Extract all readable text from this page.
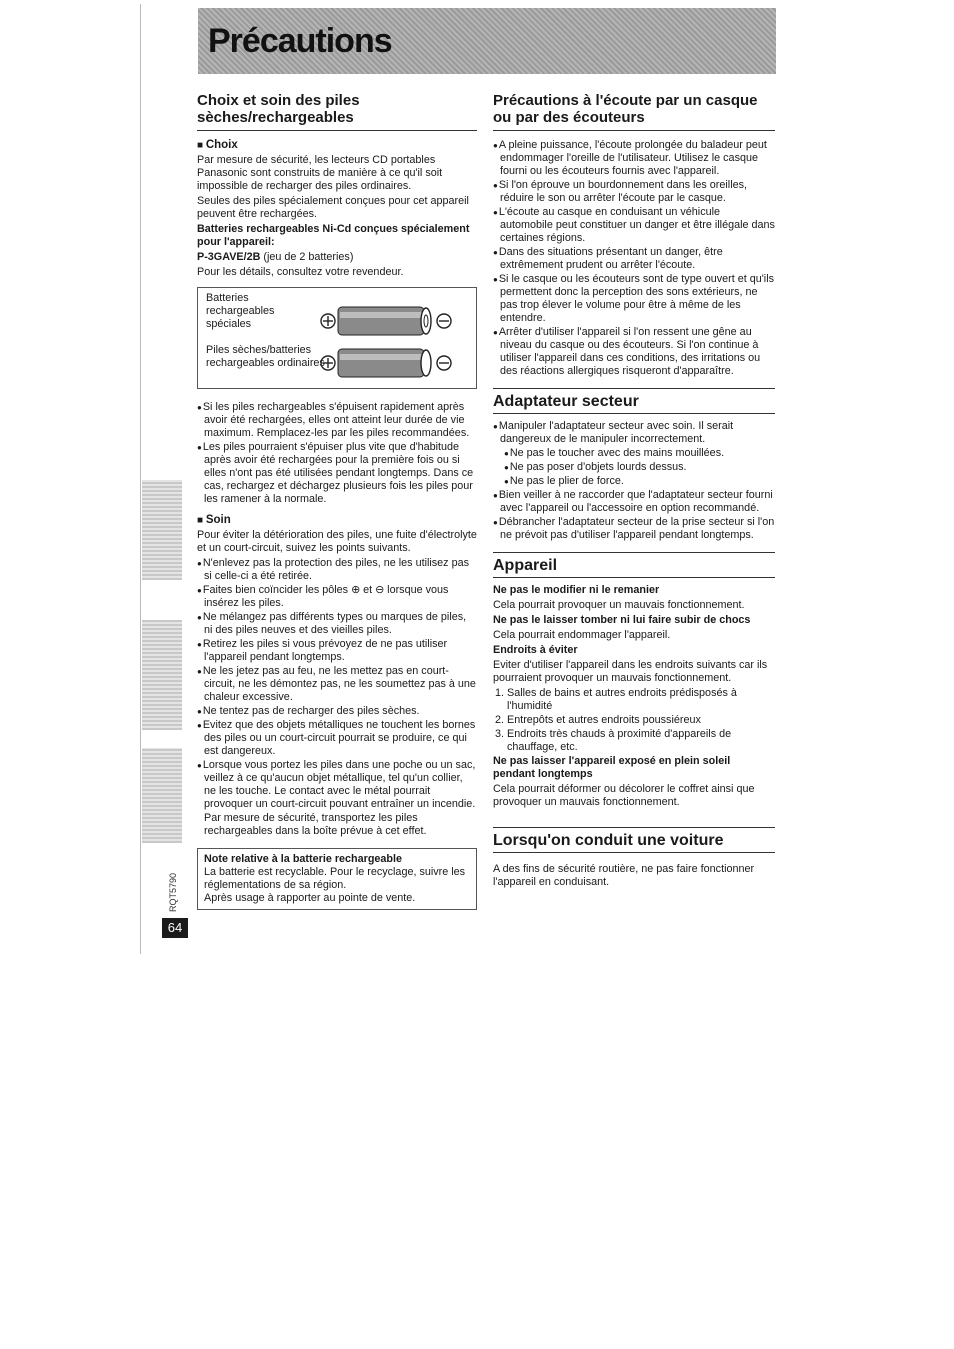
Précautions
Choix et soin des piles sèches/rechargeables
■ Choix

Par mesure de sécurité, les lecteurs CD portables Panasonic sont construits de manière à ce qu'il soit impossible de recharger des piles ordinaires.

Seules des piles spécialement conçues pour cet appareil peuvent être rechargées.

Batteries rechargeables Ni-Cd conçues spécialement pour l'appareil:

P-3GAVE/2B (jeu de 2 batteries)

Pour les détails, consultez votre revendeur.

Batteries rechargeables spéciales
Piles sèches/batteries rechargeables ordinaires
● Si les piles rechargeables s'épuisent rapidement après avoir été rechargées, elles ont atteint leur durée de vie maximum. Remplacez-les par les piles recommandées.
● Les piles pourraient s'épuiser plus vite que d'habitude après avoir été rechargées pour la première fois ou si elles n'ont pas été utilisées pendant longtemps. Dans ce cas, rechargez et déchargez plusieurs fois les piles pour les ramener à la normale.
■ Soin

Pour éviter la détérioration des piles, une fuite d'électrolyte et un court-circuit, suivez les points suivants.

● N'enlevez pas la protection des piles, ne les utilisez pas si celle-ci a été retirée.
● Faites bien coïncider les pôles ⊕ et ⊖ lorsque vous insérez les piles.
● Ne mélangez pas différents types ou marques de piles, ni des piles neuves et des vieilles piles.
● Retirez les piles si vous prévoyez de ne pas utiliser l'appareil pendant longtemps.
● Ne les jetez pas au feu, ne les mettez pas en court-circuit, ne les démontez pas, ne les soumettez pas à une chaleur excessive.
● Ne tentez pas de recharger des piles sèches.
● Evitez que des objets métalliques ne touchent les bornes des piles ou un court-circuit pourrait se produire, ce qui est dangereux.
● Lorsque vous portez les piles dans une poche ou un sac, veillez à ce qu'aucun objet métallique, tel qu'un collier, ne les touche. Le contact avec le métal pourrait provoquer un court-circuit pouvant entraîner un incendie.

Par mesure de sécurité, transportez les piles rechargeables dans la boîte prévue à cet effet.

Note relative à la batterie rechargeable
La batterie est recyclable. Pour le recyclage, suivre les réglementations de sa région.
Après usage à rapporter au pointe de vente.
Précautions à l'écoute par un casque ou par des écouteurs
● A pleine puissance, l'écoute prolongée du baladeur peut endommager l'oreille de l'utilisateur. Utilisez le casque fourni ou les écouteurs fournis avec l'appareil.
● Si l'on éprouve un bourdonnement dans les oreilles, réduire le son ou arrêter l'écoute par le casque.
● L'écoute au casque en conduisant un véhicule automobile peut constituer un danger et être illégale dans certaines régions.
● Dans des situations présentant un danger, être extrêmement prudent ou arrêter l'écoute.
● Si le casque ou les écouteurs sont de type ouvert et qu'ils permettent donc la perception des sons extérieurs, ne pas trop élever le volume pour être à même de les entendre.
● Arrêter d'utiliser l'appareil si l'on ressent une gêne au niveau du casque ou des écouteurs. Si l'on continue à utiliser l'appareil dans ces conditions, des irritations ou des réactions allergiques risqueront d'apparaître.
Adaptateur secteur
● Manipuler l'adaptateur secteur avec soin. Il serait dangereux de le manipuler incorrectement.
● Ne pas le toucher avec des mains mouillées.
● Ne pas poser d'objets lourds dessus.
● Ne pas le plier de force.
● Bien veiller à ne raccorder que l'adaptateur secteur fourni avec l'appareil ou l'accessoire en option recommandé.
● Débrancher l'adaptateur secteur de la prise secteur si l'on ne prévoit pas d'utiliser l'appareil pendant longtemps.
Appareil

Ne pas le modifier ni le remanier

Cela pourrait provoquer un mauvais fonctionnement.

Ne pas le laisser tomber ni lui faire subir de chocs

Cela pourrait endommager l'appareil.

Endroits à éviter

Eviter d'utiliser l'appareil dans les endroits suivants car ils pourraient provoquer un mauvais fonctionnement.

1. Salles de bains et autres endroits prédisposés à l'humidité
2. Entrepôts et autres endroits poussiéreux
3. Endroits très chauds à proximité d'appareils de chauffage, etc.

Ne pas laisser l'appareil exposé en plein soleil pendant longtemps

Cela pourrait déformer ou décolorer le coffret ainsi que provoquer un mauvais fonctionnement.

Lorsqu'on conduit une voiture

A des fins de sécurité routière, ne pas faire fonctionner l'appareil en conduisant.

RQT5790
64
